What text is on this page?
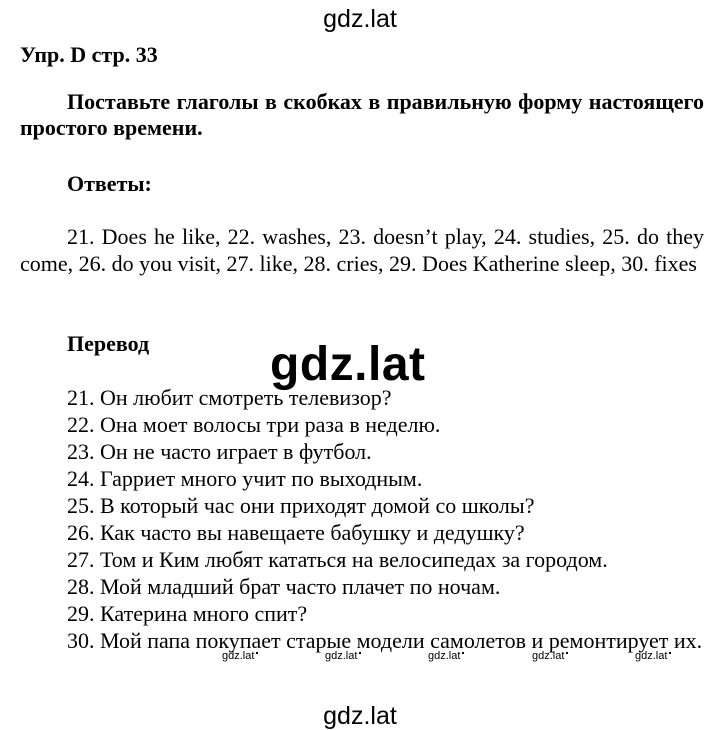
gdz.lat
Упр. D стр. 33
Поставьте глаголы в скобках в правильную форму настоящего простого времени.
Ответы:
21. Does he like, 22. washes, 23. doesn’t play, 24. studies, 25. do they come, 26. do you visit, 27. like, 28. cries, 29. Does Katherine sleep, 30. fixes
Перевод
21. Он любит смотреть телевизор?
22. Она моет волосы три раза в неделю.
23. Он не часто играет в футбол.
24. Гарриет много учит по выходным.
25. В который час они приходят домой со школы?
26. Как часто вы навещаете бабушку и дедушку?
27. Том и Ким любят кататься на велосипедах за городом.
28. Мой младший брат часто плачет по ночам.
29. Катерина много спит?
30. Мой папа покупает старые модели самолетов и ремонтирует их.
gdz.lat
gdz.lat	gdz.lat	gdz.lat	gdz.lat	gdz.lat
gdz.lat
